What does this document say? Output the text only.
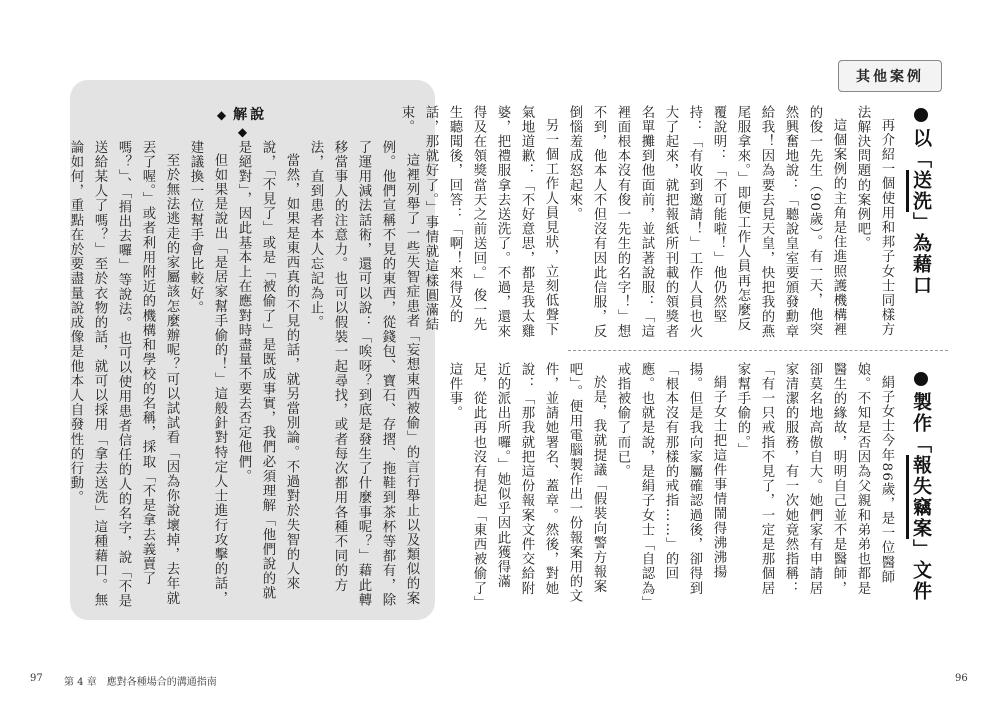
◆ 解說◆
這裡列舉了一些失智症患者「妄想東西被偷」的言行舉止以及類似的案例。他們宣稱不見的東西，從錢包、寶石、存摺、拖鞋到茶杯等都有，除了運用減法話術，還可以說：「唉呀？到底是發生了什麼事呢？」藉此轉移當事人的注意力。也可以假裝一起尋找，或者每次都用各種不同的方法，直到患者本人忘記為止。
當然，如果是東西真的不見的話，就另當別論。不過對於失智的人來說，「不見了」或是「被偷了」是既成事實，我們必須理解「他們說的就是絕對」，因此基本上在應對時盡量不要去否定他們。
但如果是說出「是居家幫手偷的！」這般針對特定人士進行攻擊的話，建議換一位幫手會比較好。
至於無法逃走的家屬該怎麼辦呢？可以試試看「因為你說壞掉，去年就丟了喔。」或者利用附近的機構和學校的名稱，採取「不是拿去義賣了嗎？」、「捐出去囉」等說法。也可以使用患者信任的人的名字，說「不是送給某人了嗎？」至於衣物的話，就可以採用「拿去送洗」這種藉口。無論如何，重點在於要盡量說成像是他本人自發性的行動。
97 第 4 章　應對各種場合的溝通指南
其他案例
以「送洗」為藉口
再介紹一個使用和邦子女士同樣方法解決問題的案例吧。
這個案例的主角是住進照護機構裡的俊一先生（90歲）。有一天，他突然興奮地說：「聽說皇室要頒發勳章給我！因為要去見天皇，快把我的燕尾服拿來。」即便工作人員再怎麼反覆說明：「不可能啦！」他仍然堅持：「有收到邀請！」工作人員也火大了起來，就把報紙所刊載的領獎者名單攤到他面前，並試著說服：「這裡面根本沒有俊一先生的名字！」想不到，他本人不但沒有因此信服，反倒惱羞成怒起來。
另一個工作人員見狀，立刻低聲下氣地道歉：「不好意思，都是我太雞婆，把禮服拿去送洗了。不過，還來得及在領獎當天之前送回。」俊一先生聽聞後，回答：「啊！來得及的話，那就好了。」事情就這樣圓滿結束。
製作「報失竊案」文件
絹子女士今年86歲，是一位醫師娘。不知是否因為父親和弟弟也都是醫生的緣故，明明自己並不是醫師，卻莫名地高傲自大。她們家有申請居家清潔的服務，有一次她竟然指稱：「有一只戒指不見了，一定是那個居家幫手偷的。」
絹子女士把這件事情鬧得沸沸揚揚。但是我向家屬確認過後，卻得到「根本沒有那樣的戒指……」的回應。也就是說，是絹子女士「自認為」戒指被偷了而已。
於是，我就提議「假裝向警方報案吧」。便用電腦製作出一份報案用的文件，並請她署名、蓋章。然後，對她說：「那我就把這份報案文件交給附近的派出所囉。」她似乎因此獲得滿足，從此再也沒有提起「東西被偷了」這件事。
96
